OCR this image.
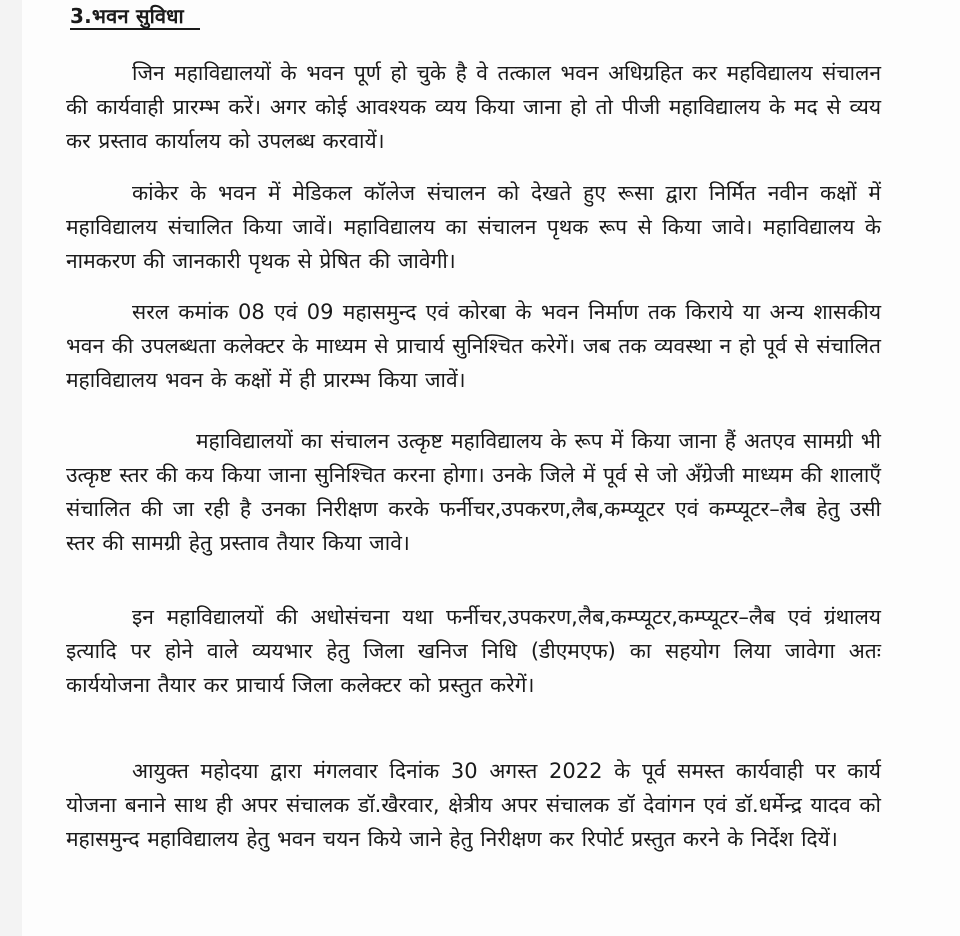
3.भवन सुविधा

जिन महाविद्यालयों के भवन पूर्ण हो चुके है वे तत्काल भवन अधिग्रहित कर महविद्यालय संचालन की कार्यवाही प्रारम्भ करें। अगर कोई आवश्यक व्यय किया जाना हो तो पीजी महाविद्यालय के मद से व्यय कर प्रस्ताव कार्यालय को उपलब्ध करवायें।

कांकेर के भवन में मेडिकल कॉलेज संचालन को देखते हुए रूसा द्वारा निर्मित नवीन कक्षों में महाविद्यालय संचालित किया जावें। महाविद्यालय का संचालन पृथक रूप से किया जावे। महाविद्यालय के नामकरण की जानकारी पृथक से प्रेषित की जावेगी।

सरल कमांक 08 एवं 09 महासमुन्द एवं कोरबा के भवन निर्माण तक किराये या अन्य शासकीय भवन की उपलब्धता कलेक्टर के माध्यम से प्राचार्य सुनिश्चित करेगें। जब तक व्यवस्था न हो पूर्व से संचालित महाविद्यालय भवन के कक्षों में ही प्रारम्भ किया जावें।

महाविद्यालयों का संचालन उत्कृष्ट महाविद्यालय के रूप में किया जाना हैं अतएव सामग्री भी उत्कृष्ट स्तर की कय किया जाना सुनिश्चित करना होगा। उनके जिले में पूर्व से जो अँग्रेजी माध्यम की शालाएँ संचालित की जा रही है उनका निरीक्षण करके फर्नीचर,उपकरण,लैब,कम्प्यूटर एवं कम्प्यूटर–लैब हेतु उसी स्तर की सामग्री हेतु प्रस्ताव तैयार किया जावे।

इन महाविद्यालयों की अधोसंचना यथा फर्नीचर,उपकरण,लैब,कम्प्यूटर,कम्प्यूटर–लैब एवं ग्रंथालय इत्यादि पर होने वाले व्ययभार हेतु जिला खनिज निधि (डीएमएफ) का सहयोग लिया जावेगा अतः कार्ययोजना तैयार कर प्राचार्य जिला कलेक्टर को प्रस्तुत करेगें।

आयुक्त महोदया द्वारा मंगलवार दिनांक 30 अगस्त 2022 के पूर्व समस्त कार्यवाही पर कार्य योजना बनाने साथ ही अपर संचालक डॉ.खैरवार, क्षेत्रीय अपर संचालक डॉ देवांगन एवं डॉ.धर्मेन्द्र यादव को महासमुन्द महाविद्यालय हेतु भवन चयन किये जाने हेतु निरीक्षण कर रिपोर्ट प्रस्तुत करने के निर्देश दियें।
